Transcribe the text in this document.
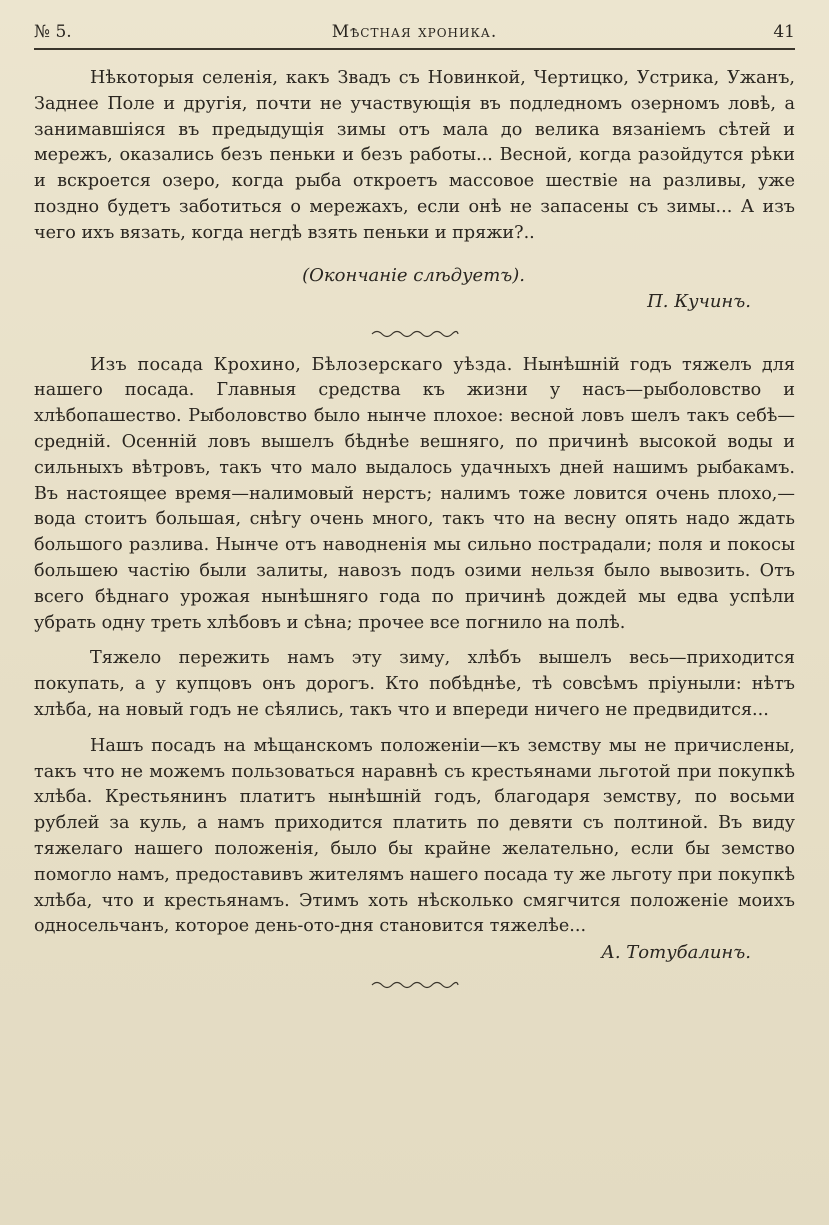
№ 5.	Мѣстная хроника.	41

Нѣкоторыя селенія, какъ Звадъ съ Новинкой, Чертицко, Устрика, Ужанъ, Заднее Поле и другія, почти не участвующія въ подледномъ озерномъ ловѣ, а занимавшіяся въ предыдущія зимы отъ мала до велика вязаніемъ сѣтей и мережъ, оказались безъ пеньки и безъ работы... Весной, когда разойдутся рѣки и вскроется озеро, когда рыба откроетъ массовое шествіе на разливы, уже поздно будетъ заботиться о мережахъ, если онѣ не запасены съ зимы... А изъ чего ихъ вязать, когда негдѣ взять пеньки и пряжи?..

(Окончаніе слѣдуетъ).
П. Кучинъ.

Изъ посада Крохино, Бѣлозерскаго уѣзда. Нынѣшній годъ тяжелъ для нашего посада. Главныя средства къ жизни у насъ—рыболовство и хлѣбопашество. Рыболовство было нынче плохое: весной ловъ шелъ такъ себѣ—средній. Осенній ловъ вышелъ бѣднѣе вешняго, по причинѣ высокой воды и сильныхъ вѣтровъ, такъ что мало выдалось удачныхъ дней нашимъ рыбакамъ. Въ настоящее время—налимовый нерстъ; налимъ тоже ловится очень плохо,—вода стоитъ большая, снѣгу очень много, такъ что на весну опять надо ждать большого разлива. Нынче отъ наводненія мы сильно пострадали; поля и покосы большею частію были залиты, навозъ подъ озими нельзя было вывозить. Отъ всего бѣднаго урожая нынѣшняго года по причинѣ дождей мы едва успѣли убрать одну треть хлѣбовъ и сѣна; прочее все погнило на полѣ.

Тяжело пережить намъ эту зиму, хлѣбъ вышелъ весь—приходится покупать, а у купцовъ онъ дорогъ. Кто побѣднѣе, тѣ совсѣмъ пріуныли: нѣтъ хлѣба, на новый годъ не сѣялись, такъ что и впереди ничего не предвидится...

Нашъ посадъ на мѣщанскомъ положеніи—къ земству мы не причислены, такъ что не можемъ пользоваться наравнѣ съ крестьянами льготой при покупкѣ хлѣба. Крестьянинъ платитъ нынѣшній годъ, благодаря земству, по восьми рублей за куль, а намъ приходится платить по девяти съ полтиной. Въ виду тяжелаго нашего положенія, было бы крайне желательно, если бы земство помогло намъ, предоставивъ жителямъ нашего посада ту же льготу при покупкѣ хлѣба, что и крестьянамъ. Этимъ хоть нѣсколько смягчится положеніе моихъ односельчанъ, которое день-ото-дня становится тяжелѣе...

А. Тотубалинъ.
